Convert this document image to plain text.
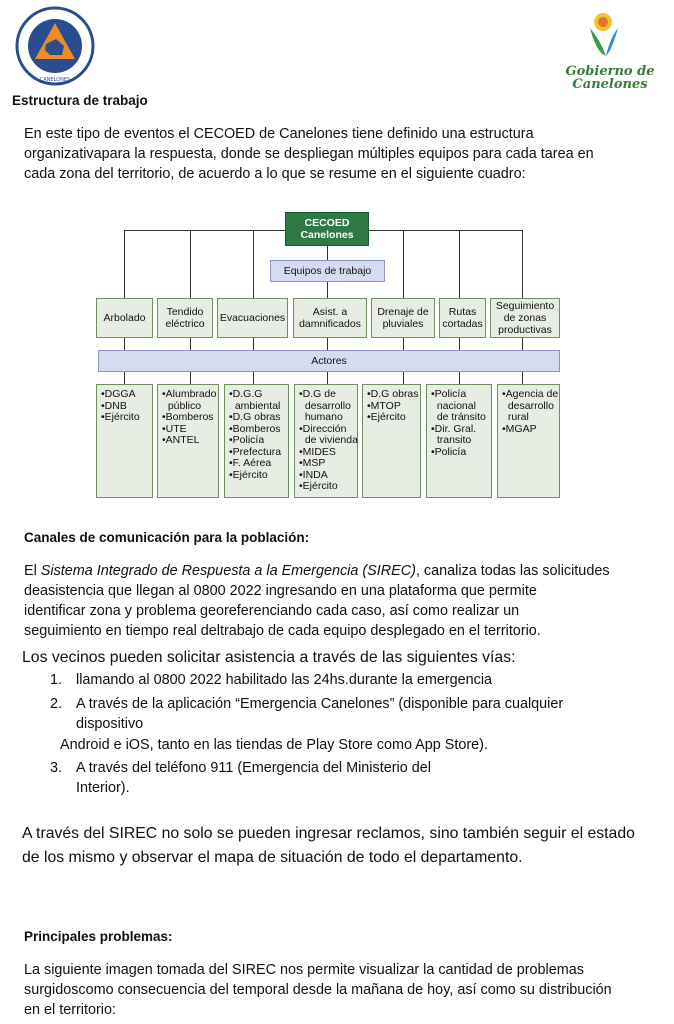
CANELONES
Gobierno de
Canelones
Estructura de trabajo
En este tipo de eventos el CECOED de Canelones tiene definido una estructura
organizativapara la respuesta, donde se despliegan múltiples equipos para cada tarea en
cada zona del territorio, de acuerdo a lo que se resume en el siguiente cuadro:
CECOED
Canelones
Equipos de trabajo
Arbolado	Tendido
eléctrico	Evacuaciones	Asist. a
damnificados
Drenaje de
pluviales
Rutas
cortadas
Seguimiento
de zonas
productivas
Actores
•DGGA
•DNB
•Ejército
•Alumbrado
público
•Bomberos
•UTE
•ANTEL
•D.G.G
ambiental
•D.G obras
•Bomberos
•Policía
•Prefectura
•F. Aérea
•Ejército
•D.G de
desarrollo
humano
•Dirección
de vivienda
•MIDES
•MSP
•INDA
•Ejército
•D.G obras
•MTOP
•Ejército
•Policía
nacional
de tránsito
•Dir. Gral.
transito
•Policía
•Agencia de
desarrollo
rural
•MGAP
Canales de comunicación para la población:
El Sistema Integrado de Respuesta a la Emergencia (SIREC), canaliza todas las solicitudes
deasistencia que llegan al 0800 2022 ingresando en una plataforma que permite
identificar zona y problema georeferenciando cada caso, así como realizar un
seguimiento en tiempo real deltrabajo de cada equipo desplegado en el territorio.
Los vecinos pueden solicitar asistencia a través de las siguientes vías:
1. llamando al 0800 2022 habilitado las 24hs.durante la emergencia
2. A través de la aplicación “Emergencia Canelones” (disponible para cualquier
dispositivo
Android e iOS, tanto en las tiendas de Play Store como App Store).
3. A través del teléfono 911 (Emergencia del Ministerio del
Interior).
A través del SIREC no solo se pueden ingresar reclamos, sino también seguir el estado
de los mismo y observar el mapa de situación de todo el departamento.
Principales problemas:
La siguiente imagen tomada del SIREC nos permite visualizar la cantidad de problemas
surgidoscomo consecuencia del temporal desde la mañana de hoy, así como su distribución
en el territorio:
